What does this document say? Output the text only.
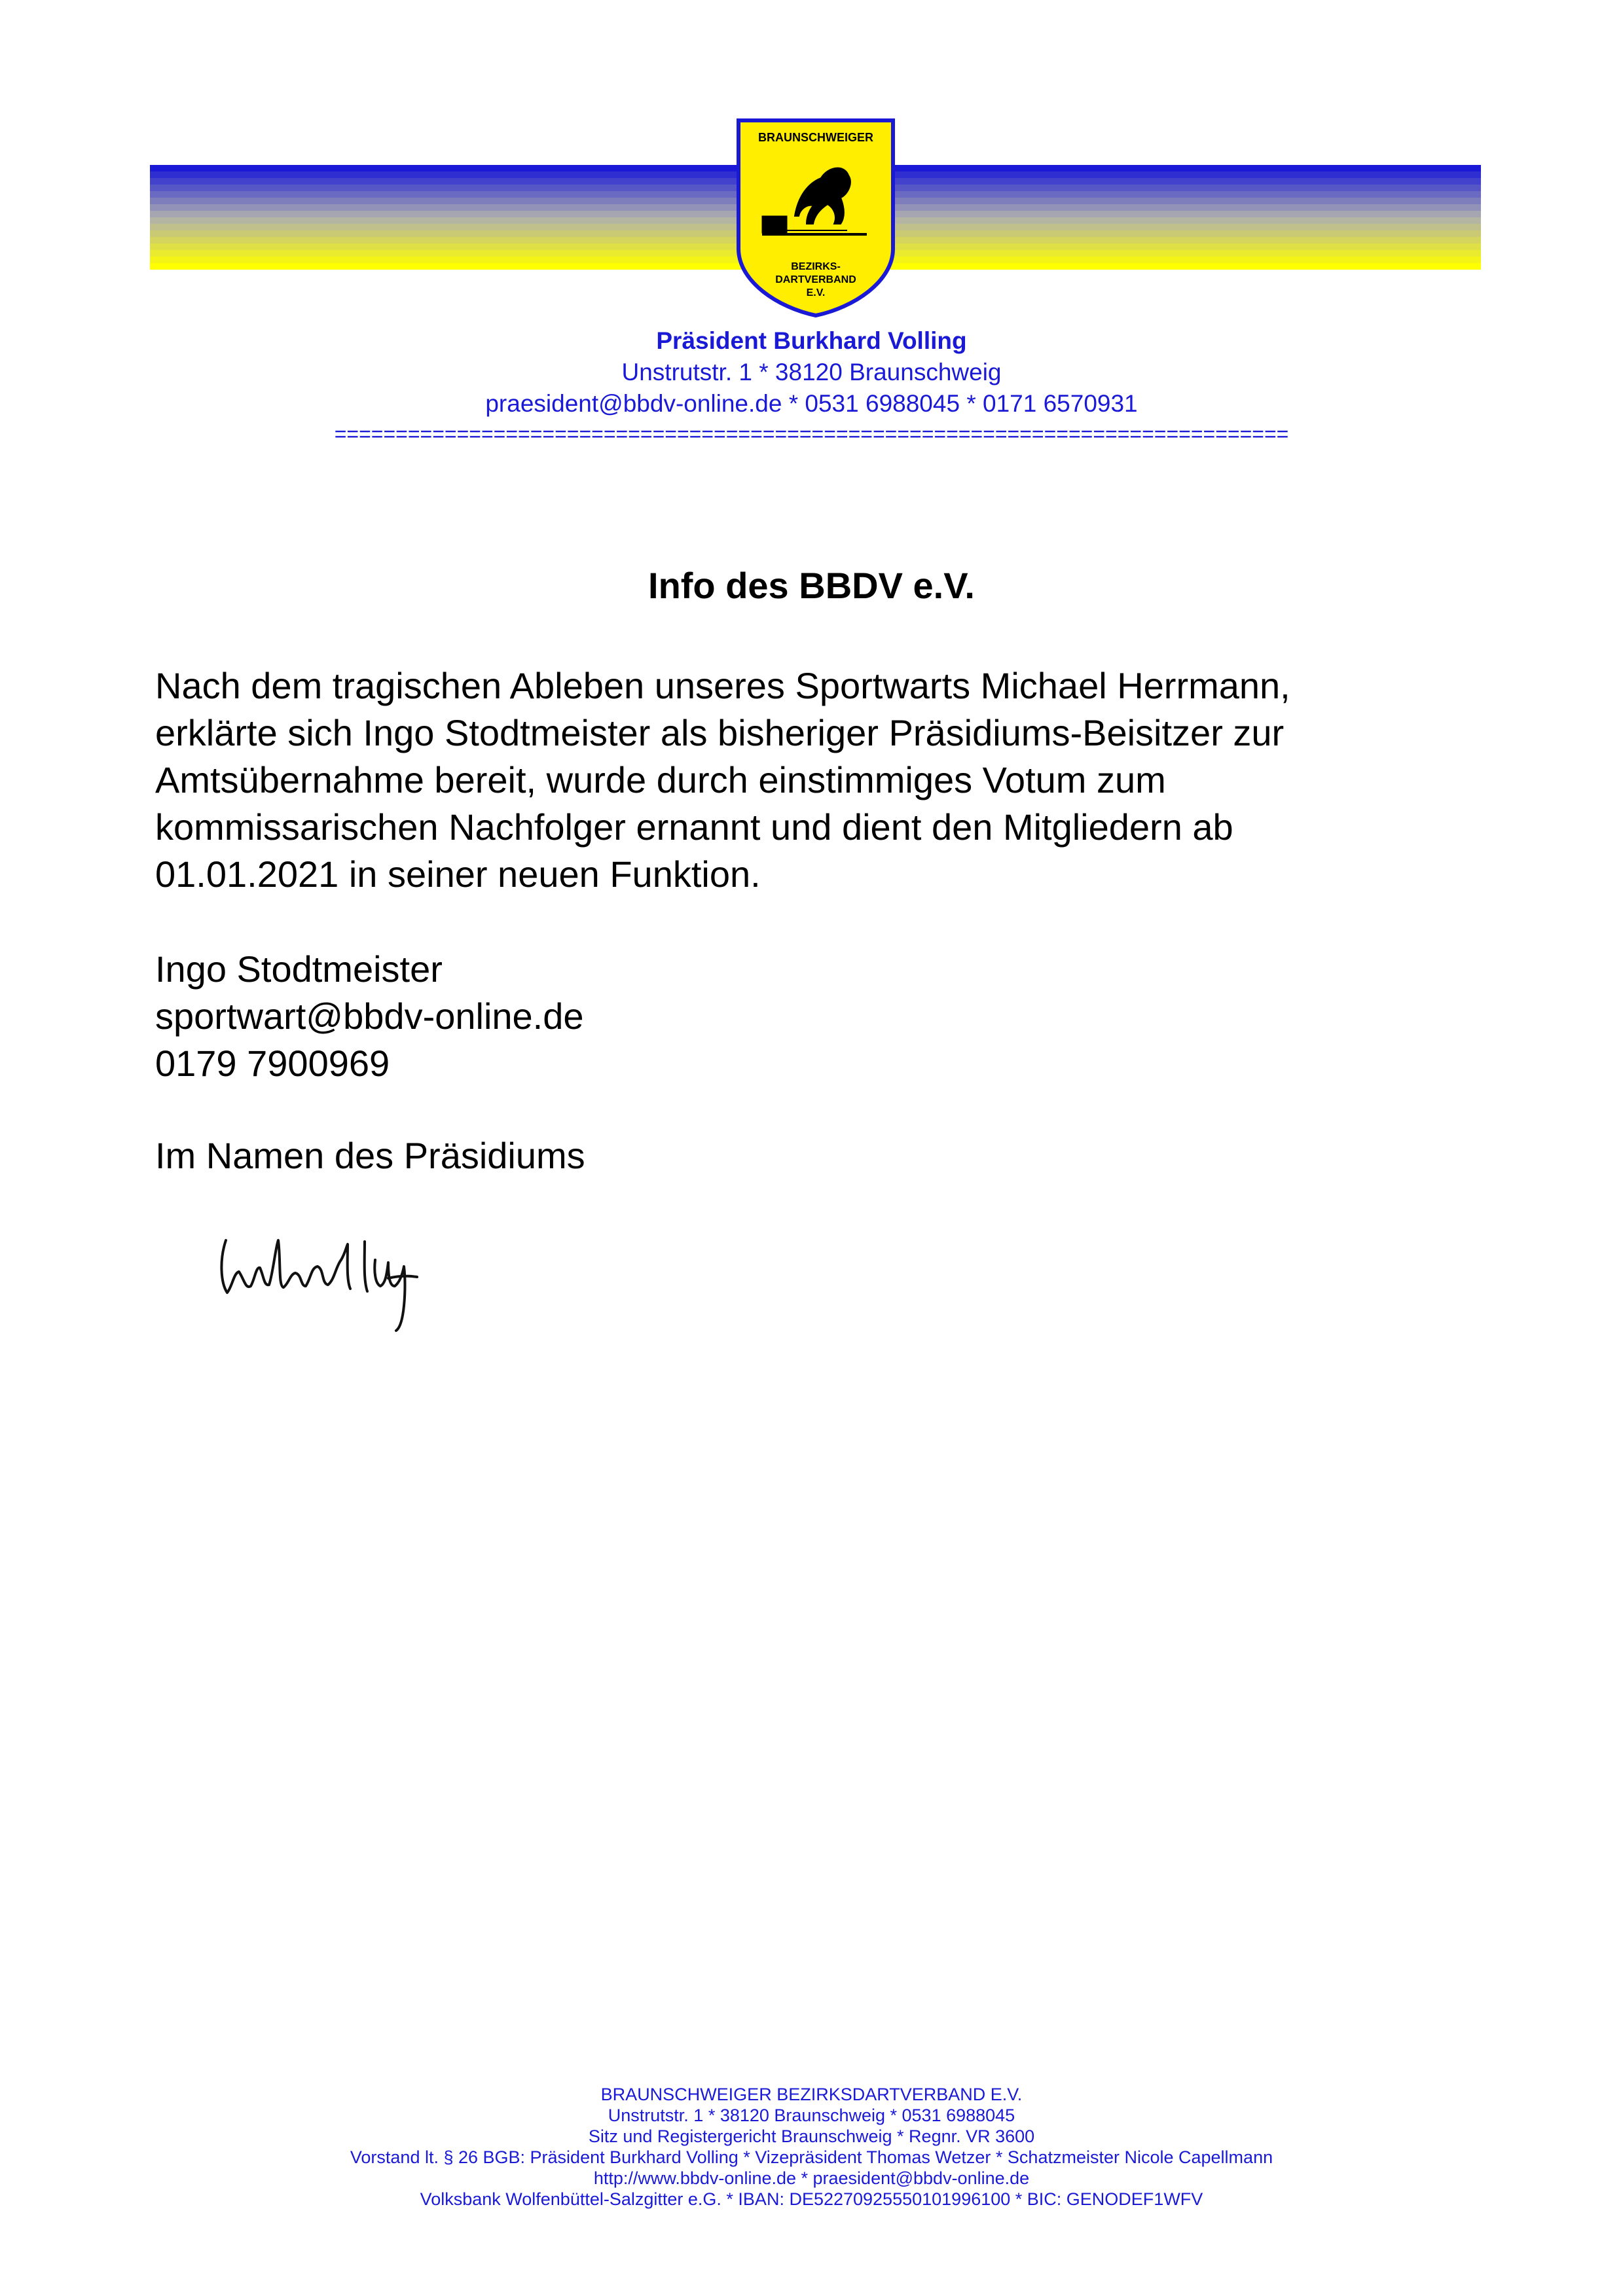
BRAUNSCHWEIGER
BEZIRKS-
DARTVERBAND
E.V.
Präsident Burkhard Volling
Unstrutstr. 1 * 38120 Braunschweig
praesident@bbdv-online.de * 0531 6988045 * 0171 6570931
==============================================================================
Info des BBDV e.V.
Nach dem tragischen Ableben unseres Sportwarts Michael Herrmann,
erklärte sich Ingo Stodtmeister als bisheriger Präsidiums-Beisitzer zur
Amtsübernahme bereit, wurde durch einstimmiges Votum zum
kommissarischen Nachfolger ernannt und dient den Mitgliedern ab
01.01.2021 in seiner neuen Funktion.
Ingo Stodtmeister
sportwart@bbdv-online.de
0179 7900969
Im Namen des Präsidiums
BRAUNSCHWEIGER BEZIRKSDARTVERBAND E.V.
Unstrutstr. 1 * 38120 Braunschweig * 0531 6988045
Sitz und Registergericht Braunschweig * Regnr. VR 3600
Vorstand lt. § 26 BGB: Präsident Burkhard Volling * Vizepräsident Thomas Wetzer * Schatzmeister Nicole Capellmann
http://www.bbdv-online.de * praesident@bbdv-online.de
Volksbank Wolfenbüttel-Salzgitter e.G. * IBAN: DE52270925550101996100 * BIC: GENODEF1WFV
